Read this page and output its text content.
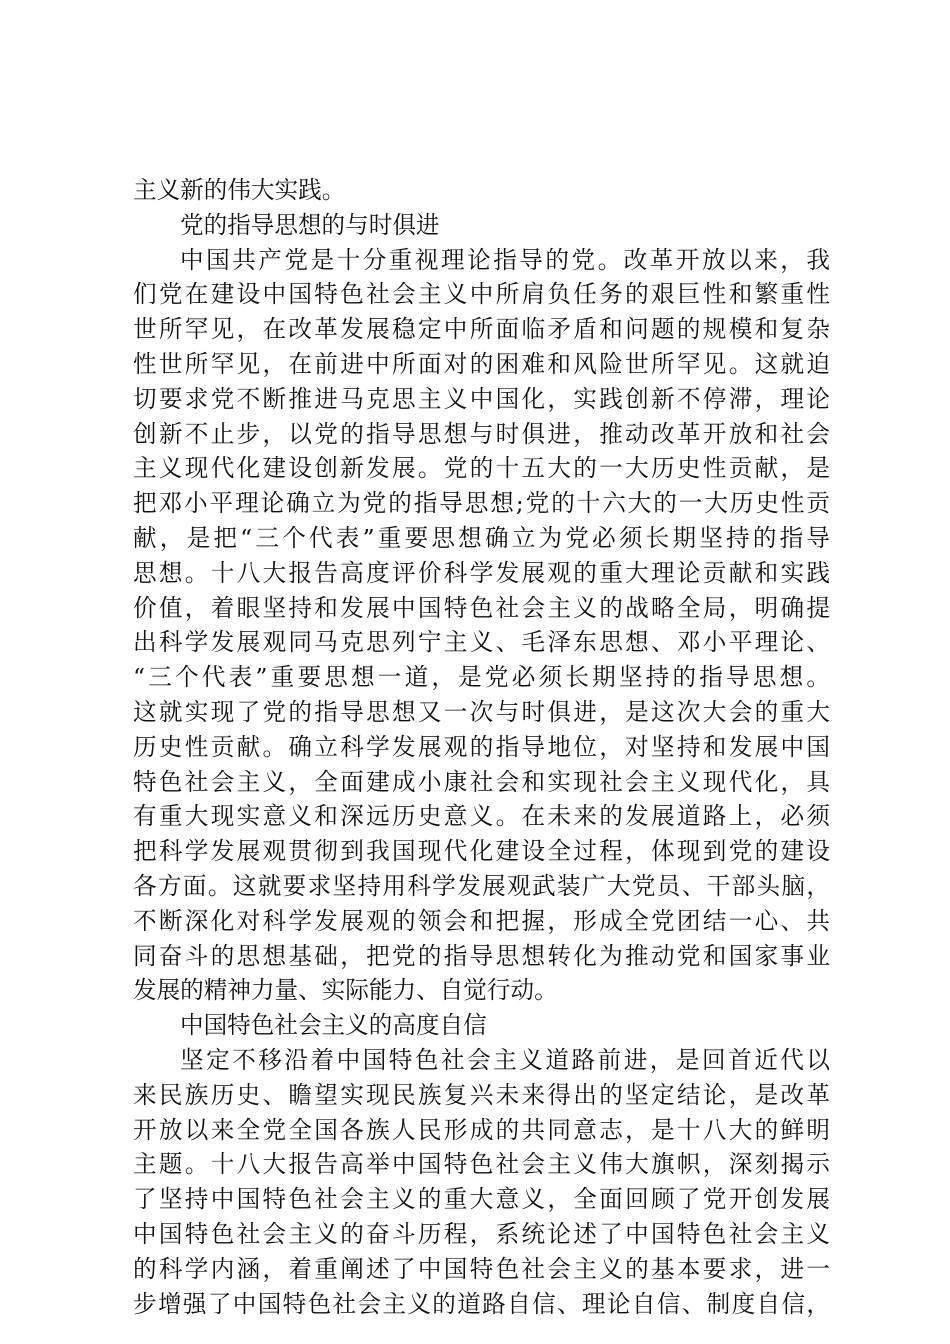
主义新的伟大实践。
党的指导思想的与时俱进
中国共产党是十分重视理论指导的党。改革开放以来，我
们党在建设中国特色社会主义中所肩负任务的艰巨性和繁重性
世所罕见，在改革发展稳定中所面临矛盾和问题的规模和复杂
性世所罕见，在前进中所面对的困难和风险世所罕见。这就迫
切要求党不断推进马克思主义中国化，实践创新不停滞，理论
创新不止步，以党的指导思想与时俱进，推动改革开放和社会
主义现代化建设创新发展。党的十五大的一大历史性贡献，是
把邓小平理论确立为党的指导思想;党的十六大的一大历史性贡
献，是把“三个代表”重要思想确立为党必须长期坚持的指导
思想。十八大报告高度评价科学发展观的重大理论贡献和实践
价值，着眼坚持和发展中国特色社会主义的战略全局，明确提
出科学发展观同马克思列宁主义、毛泽东思想、邓小平理论、
“三个代表”重要思想一道，是党必须长期坚持的指导思想。
这就实现了党的指导思想又一次与时俱进，是这次大会的重大
历史性贡献。确立科学发展观的指导地位，对坚持和发展中国
特色社会主义，全面建成小康社会和实现社会主义现代化，具
有重大现实意义和深远历史意义。在未来的发展道路上，必须
把科学发展观贯彻到我国现代化建设全过程，体现到党的建设
各方面。这就要求坚持用科学发展观武装广大党员、干部头脑，
不断深化对科学发展观的领会和把握，形成全党团结一心、共
同奋斗的思想基础，把党的指导思想转化为推动党和国家事业
发展的精神力量、实际能力、自觉行动。
中国特色社会主义的高度自信
坚定不移沿着中国特色社会主义道路前进，是回首近代以
来民族历史、瞻望实现民族复兴未来得出的坚定结论，是改革
开放以来全党全国各族人民形成的共同意志，是十八大的鲜明
主题。十八大报告高举中国特色社会主义伟大旗帜，深刻揭示
了坚持中国特色社会主义的重大意义，全面回顾了党开创发展
中国特色社会主义的奋斗历程，系统论述了中国特色社会主义
的科学内涵，着重阐述了中国特色社会主义的基本要求，进一
步增强了中国特色社会主义的道路自信、理论自信、制度自信，
